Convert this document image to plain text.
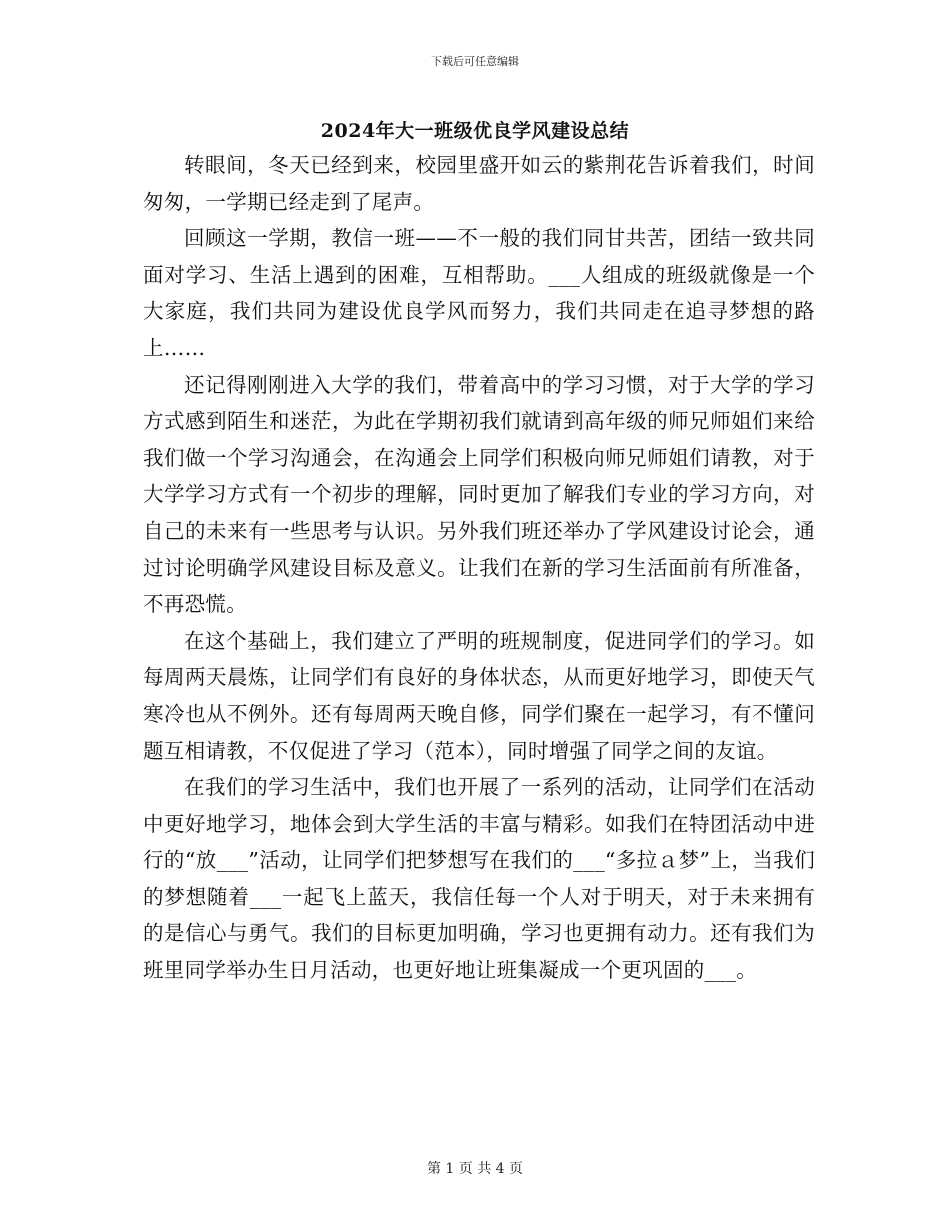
下载后可任意编辑
2024年大一班级优良学风建设总结

转眼间，冬天已经到来，校园里盛开如云的紫荆花告诉着我们，时间匆匆，一学期已经走到了尾声。

回顾这一学期，教信一班——不一般的我们同甘共苦，团结一致共同面对学习、生活上遇到的困难，互相帮助。___人组成的班级就像是一个大家庭，我们共同为建设优良学风而努力，我们共同走在追寻梦想的路上……

还记得刚刚进入大学的我们，带着高中的学习习惯，对于大学的学习方式感到陌生和迷茫，为此在学期初我们就请到高年级的师兄师姐们来给我们做一个学习沟通会，在沟通会上同学们积极向师兄师姐们请教，对于大学学习方式有一个初步的理解，同时更加了解我们专业的学习方向，对自己的未来有一些思考与认识。另外我们班还举办了学风建设讨论会，通过讨论明确学风建设目标及意义。让我们在新的学习生活面前有所准备，不再恐慌。

在这个基础上，我们建立了严明的班规制度，促进同学们的学习。如每周两天晨炼，让同学们有良好的身体状态，从而更好地学习，即使天气寒冷也从不例外。还有每周两天晚自修，同学们聚在一起学习，有不懂问题互相请教，不仅促进了学习（范本），同时增强了同学之间的友谊。

在我们的学习生活中，我们也开展了一系列的活动，让同学们在活动中更好地学习，地体会到大学生活的丰富与精彩。如我们在特团活动中进行的“放___”活动，让同学们把梦想写在我们的___“多拉ａ梦”上，当我们的梦想随着___一起飞上蓝天，我信任每一个人对于明天，对于未来拥有的是信心与勇气。我们的目标更加明确，学习也更拥有动力。还有我们为班里同学举办生日月活动，也更好地让班集凝成一个更巩固的___。

第 1 页 共 4 页
